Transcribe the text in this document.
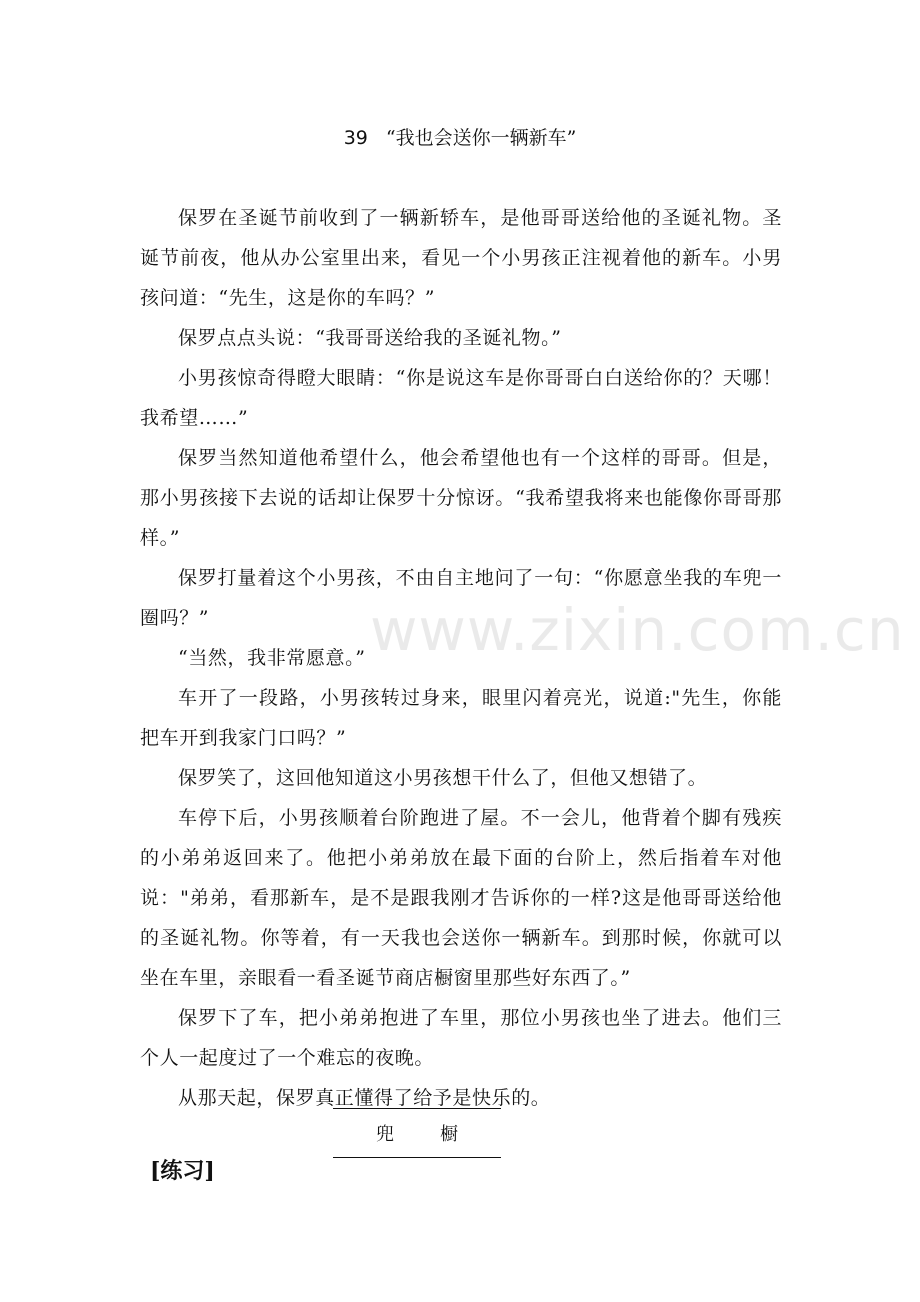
39 “我也会送你一辆新车”

保罗在圣诞节前收到了一辆新轿车，是他哥哥送给他的圣诞礼物。圣诞节前夜，他从办公室里出来，看见一个小男孩正注视着他的新车。小男孩问道：“先生，这是你的车吗？”

保罗点点头说：“我哥哥送给我的圣诞礼物。”

小男孩惊奇得瞪大眼睛：“你是说这车是你哥哥白白送给你的？天哪！我希望……”

保罗当然知道他希望什么，他会希望他也有一个这样的哥哥。但是，那小男孩接下去说的话却让保罗十分惊讶。“我希望我将来也能像你哥哥那样。”

保罗打量着这个小男孩，不由自主地问了一句：“你愿意坐我的车兜一圈吗？”

“当然，我非常愿意。”

车开了一段路，小男孩转过身来，眼里闪着亮光，说道:"先生，你能把车开到我家门口吗？”

保罗笑了，这回他知道这小男孩想干什么了，但他又想错了。

车停下后，小男孩顺着台阶跑进了屋。不一会儿，他背着个脚有残疾的小弟弟返回来了。他把小弟弟放在最下面的台阶上，然后指着车对他说："弟弟，看那新车，是不是跟我刚才告诉你的一样?这是他哥哥送给他的圣诞礼物。你等着，有一天我也会送你一辆新车。到那时候，你就可以坐在车里，亲眼看一看圣诞节商店橱窗里那些好东西了。”

保罗下了车，把小弟弟抱进了车里，那位小男孩也坐了进去。他们三个人一起度过了一个难忘的夜晚。

从那天起，保罗真正懂得了给予是快乐的。

兜	橱
[练习]
www.zixin.com.cn
